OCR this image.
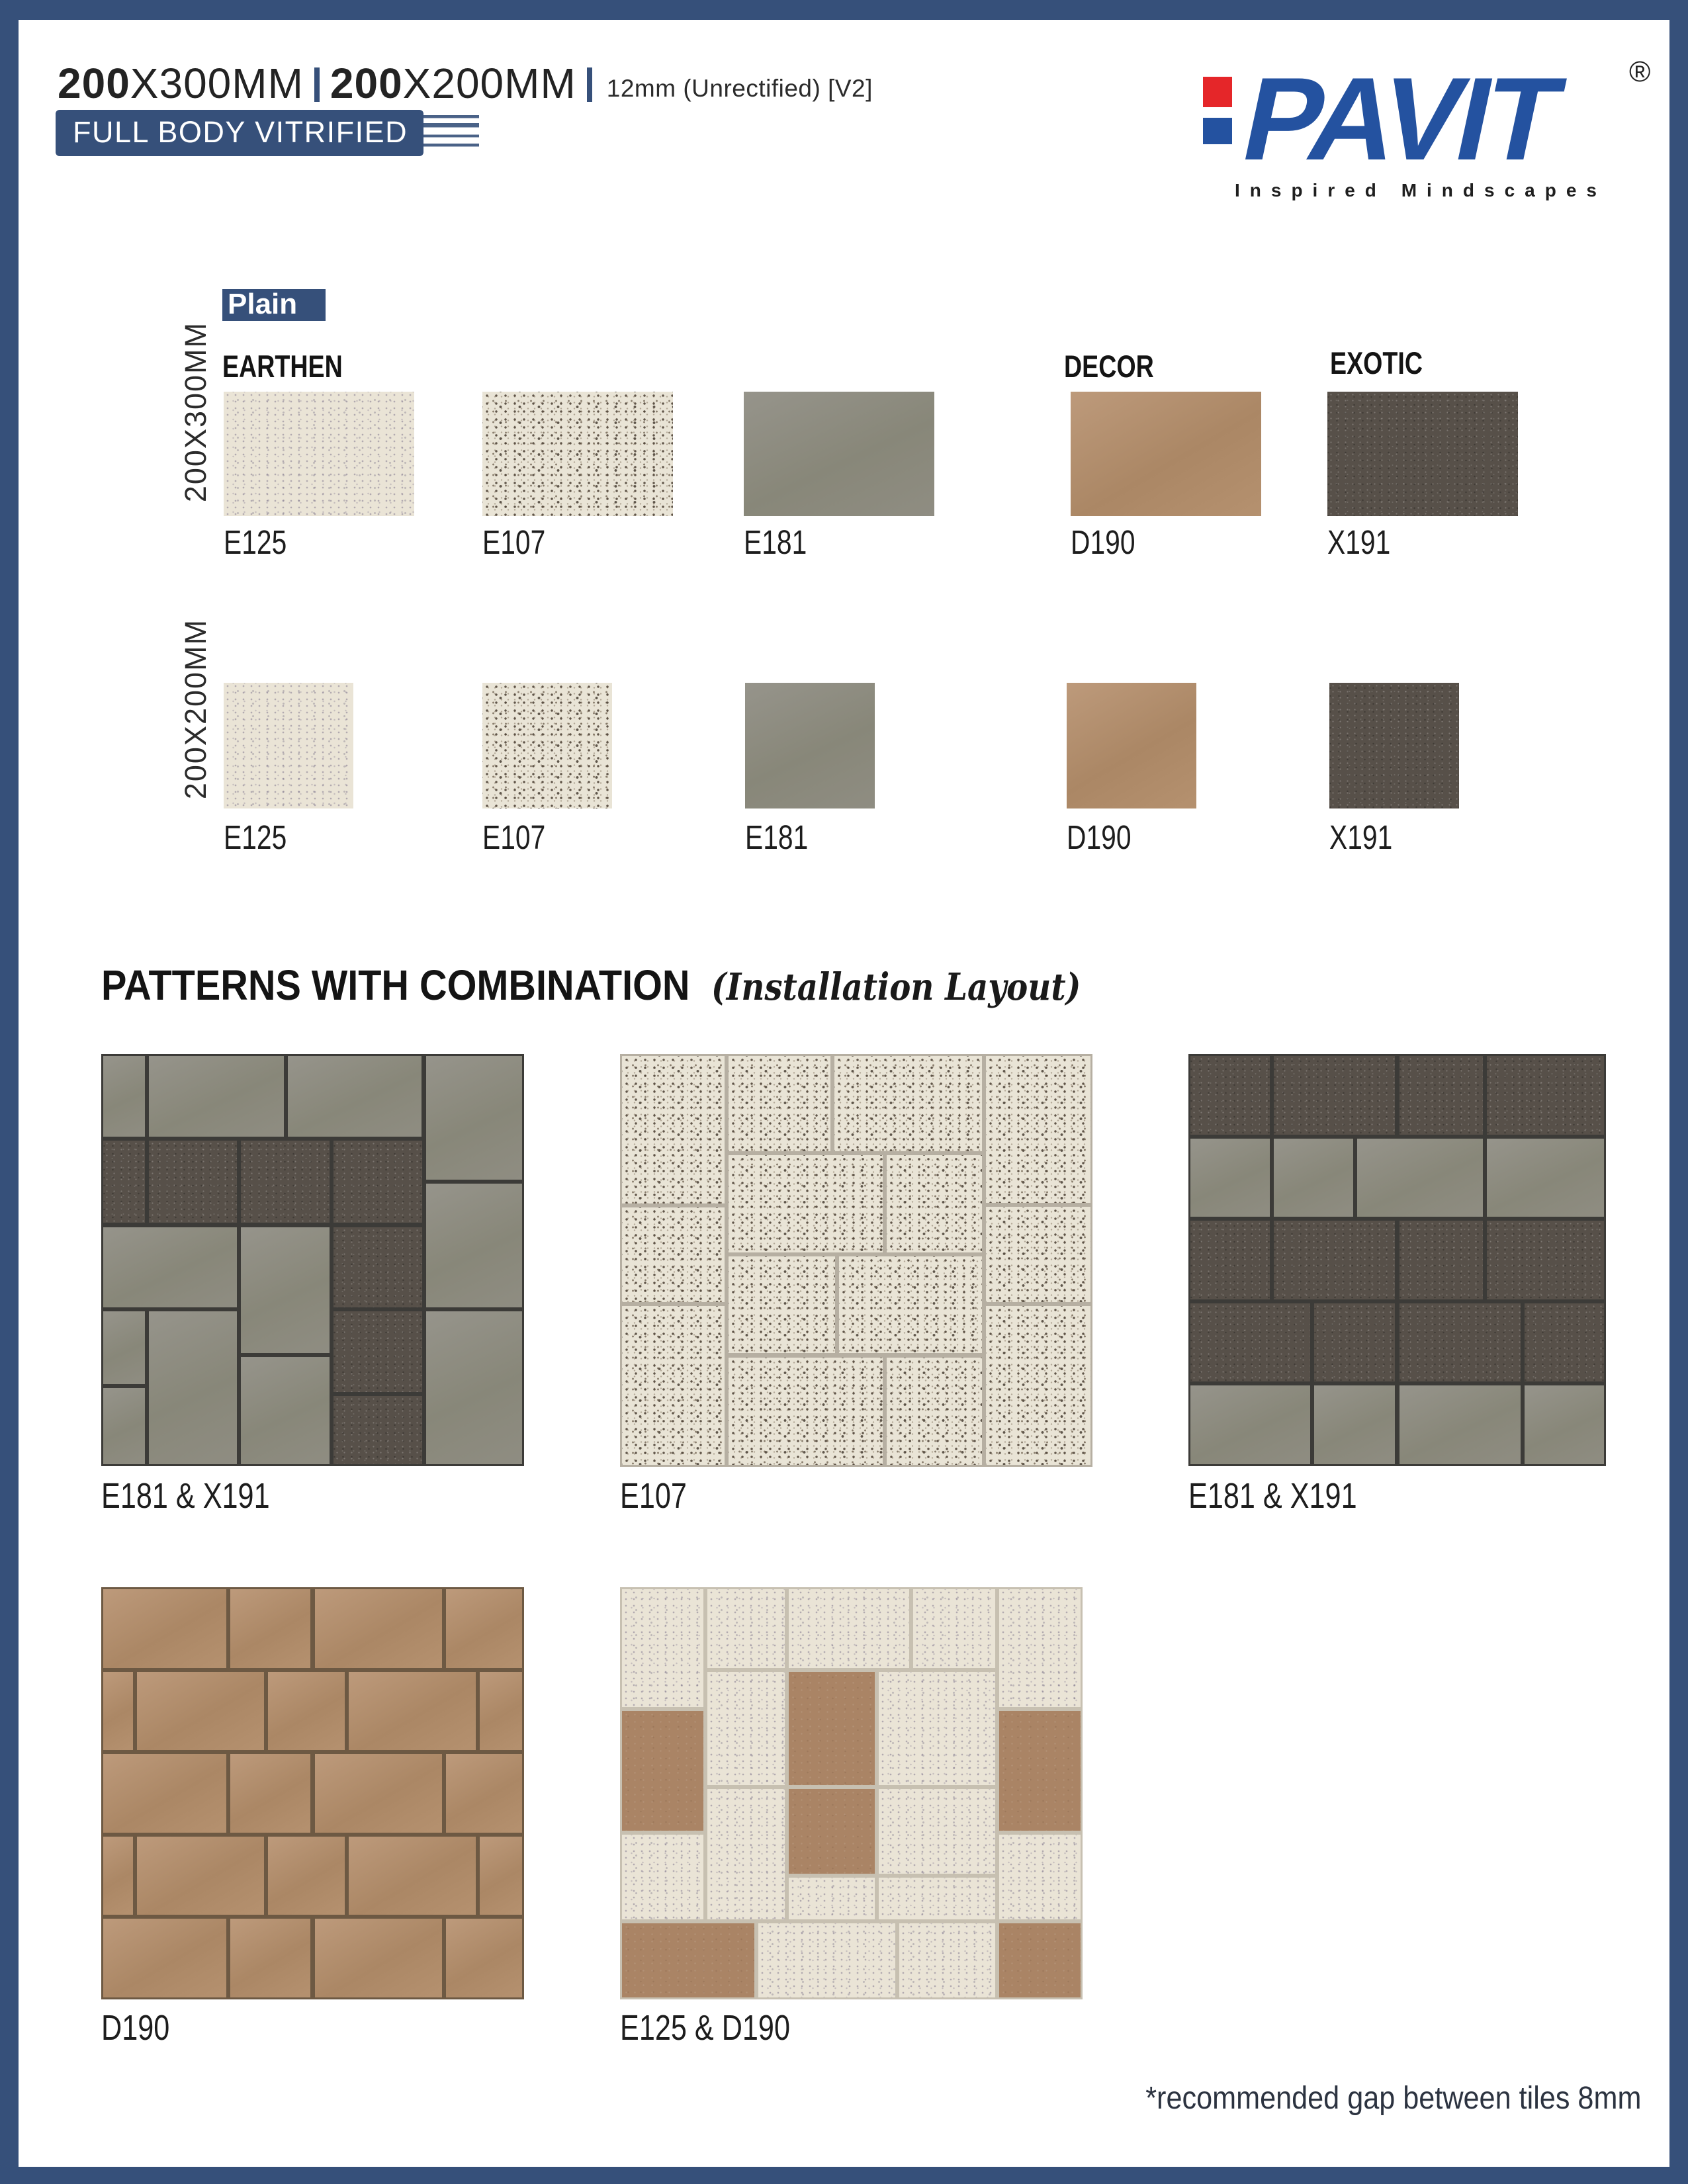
200 X300MM 200 X200MM 12mm (Unrectified) [V2]
FULL BODY VITRIFIED	PAVIT	®
Inspired Mindscapes
Plain
200X300MM
200X200MM
EARTHEN	DECOR	EXOTIC
E125	E107	E181	D190	X191
E125	E107	E181	D190	X191
PATTERNS WITH COMBINATION (Installation Layout)
E181 & X191	E107	E181 & X191
D190	E125 & D190
*recommended gap between tiles 8mm
